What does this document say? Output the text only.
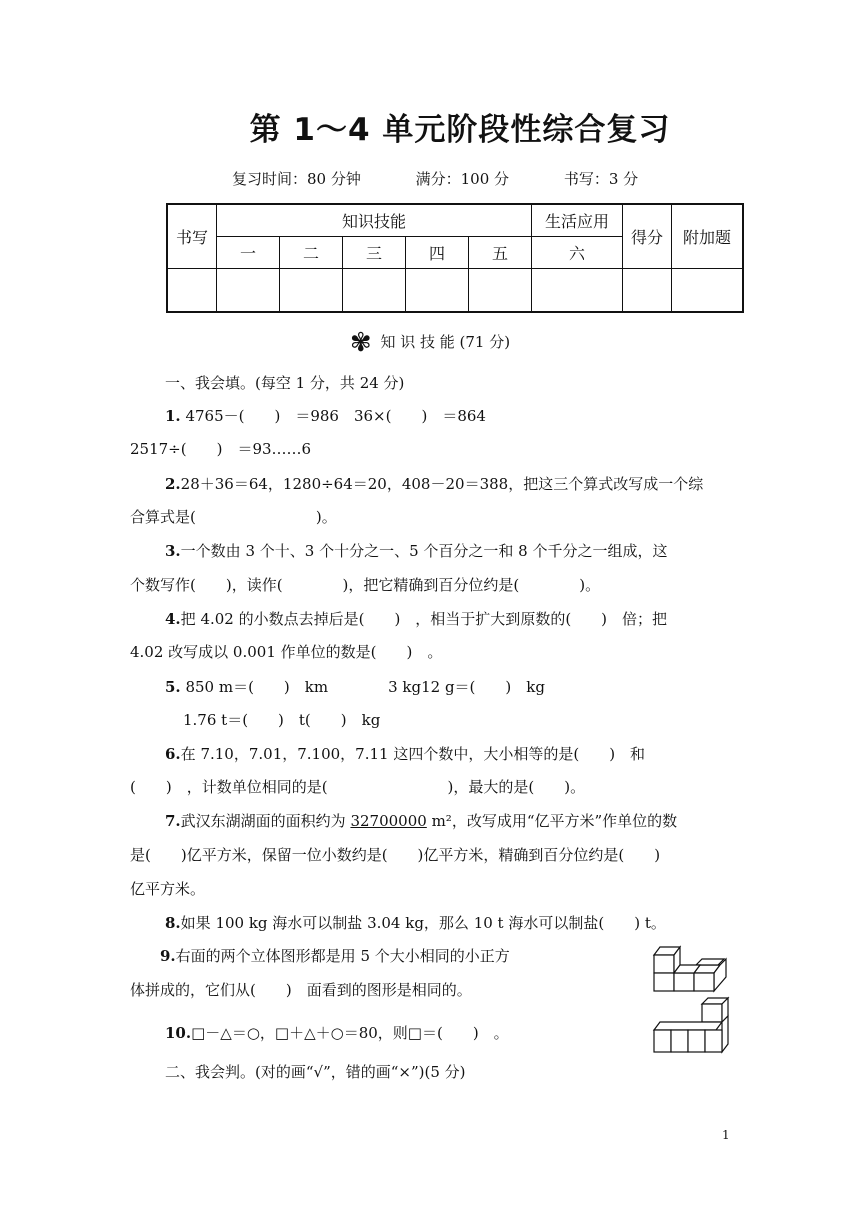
第 1～4 单元阶段性综合复习
复习时间：80 分钟	满分：100 分	书写：3 分
书写	知识技能					生活应用	得分	附加题
	一	二	三	四	五	六		

✾ 知 识 技 能 (71 分)
一、我会填。(每空 1 分，共 24 分)
1. 4765－(　　)　＝986　36×(　　)　＝864
2517÷(　　)　＝93……6
2.28＋36＝64，1280÷64＝20，408－20＝388，把这三个算式改写成一个综
合算式是(　　　　　　　　)。
3.一个数由 3 个十、3 个十分之一、5 个百分之一和 8 个千分之一组成，这
个数写作(　　)，读作(　　　　)，把它精确到百分位约是(　　　　)。
4.把 4.02 的小数点去掉后是(　　)　，相当于扩大到原数的(　　)　倍；把
4.02 改写成以 0.001 作单位的数是(　　)　。
5. 850 m＝(　　)　km　　　　3 kg12 g＝(　　)　kg
1.76 t＝(　　)　t(　　)　kg
6.在 7.10，7.01，7.100，7.11 这四个数中，大小相等的是(　　)　和
(　　)　，计数单位相同的是(　　　　　　　　)，最大的是(　　)。
7.武汉东湖湖面的面积约为 32700000 m²，改写成用“亿平方米”作单位的数
是(　　)亿平方米，保留一位小数约是(　　)亿平方米，精确到百分位约是(　　)
亿平方米。
8.如果 100 kg 海水可以制盐 3.04 kg，那么 10 t 海水可以制盐(　　) t。
9.右面的两个立体图形都是用 5 个大小相同的小正方
体拼成的，它们从(　　)　面看到的图形是相同的。
10.□－△＝○，□＋△＋○＝80，则□＝(　　)　。
二、我会判。(对的画“√”，错的画“×”)(5 分)
1
